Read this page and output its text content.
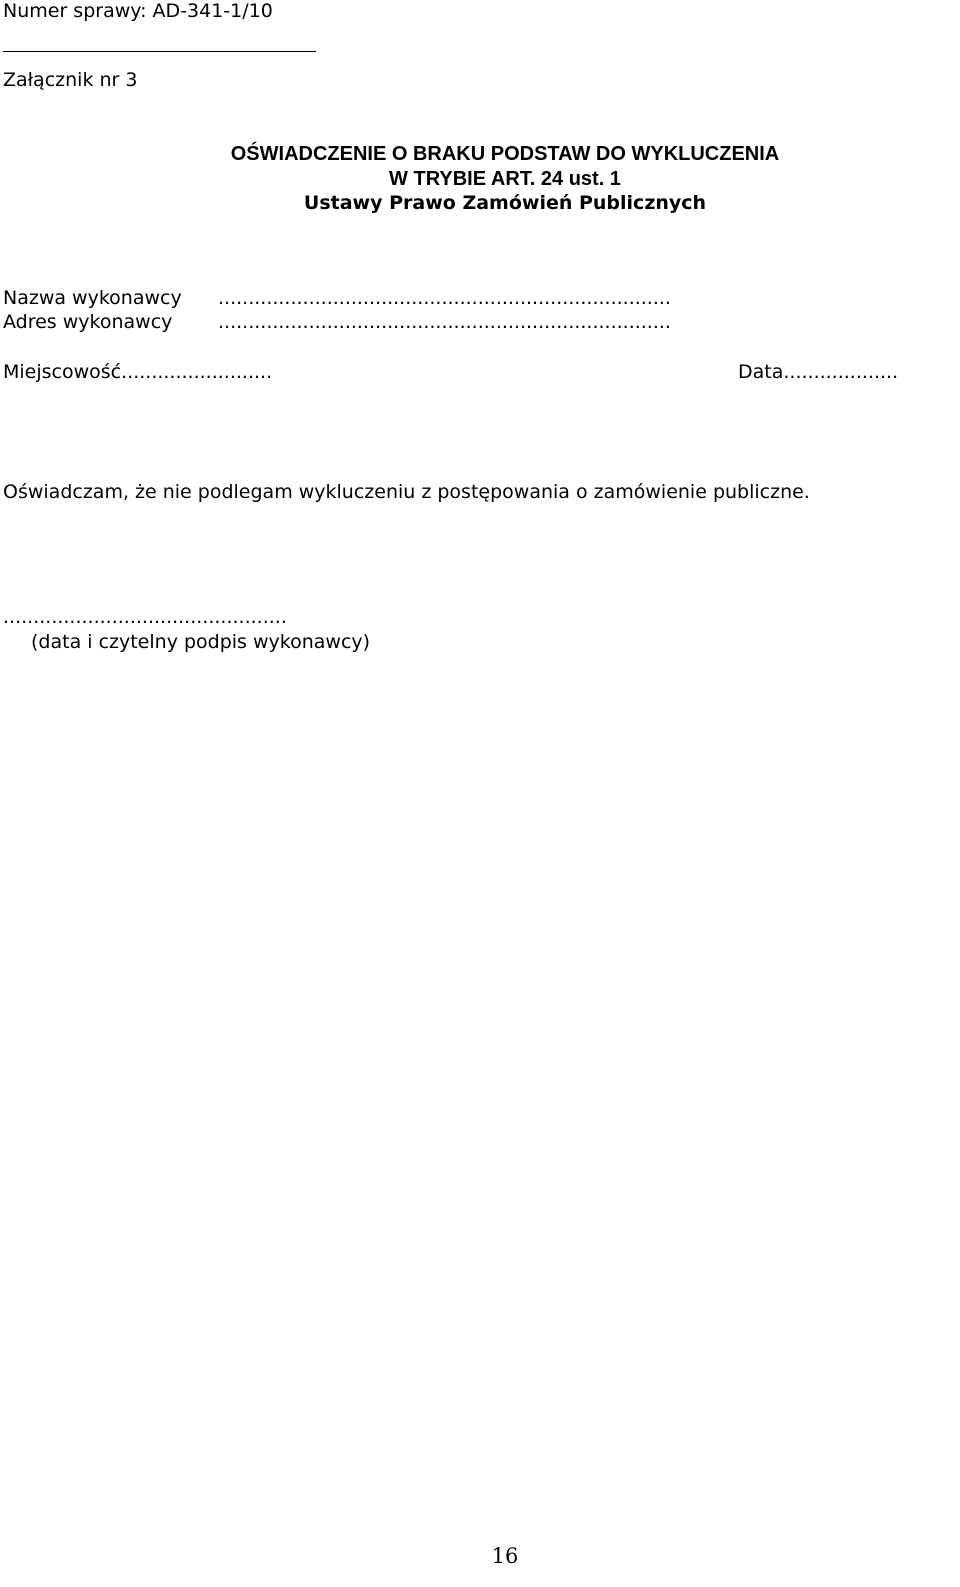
Numer sprawy: AD-341-1/10
Załącznik nr 3
OŚWIADCZENIE O BRAKU PODSTAW DO WYKLUCZENIA
W TRYBIE ART. 24 ust. 1
Ustawy Prawo Zamówień Publicznych
Nazwa wykonawcy ...........................................................................
Adres wykonawcy ...........................................................................
Miejscowość.........................	Data...................
Oświadczam, że nie podlegam wykluczeniu z postępowania o zamówienie publiczne.
...............................................
(data i czytelny podpis wykonawcy)
16
